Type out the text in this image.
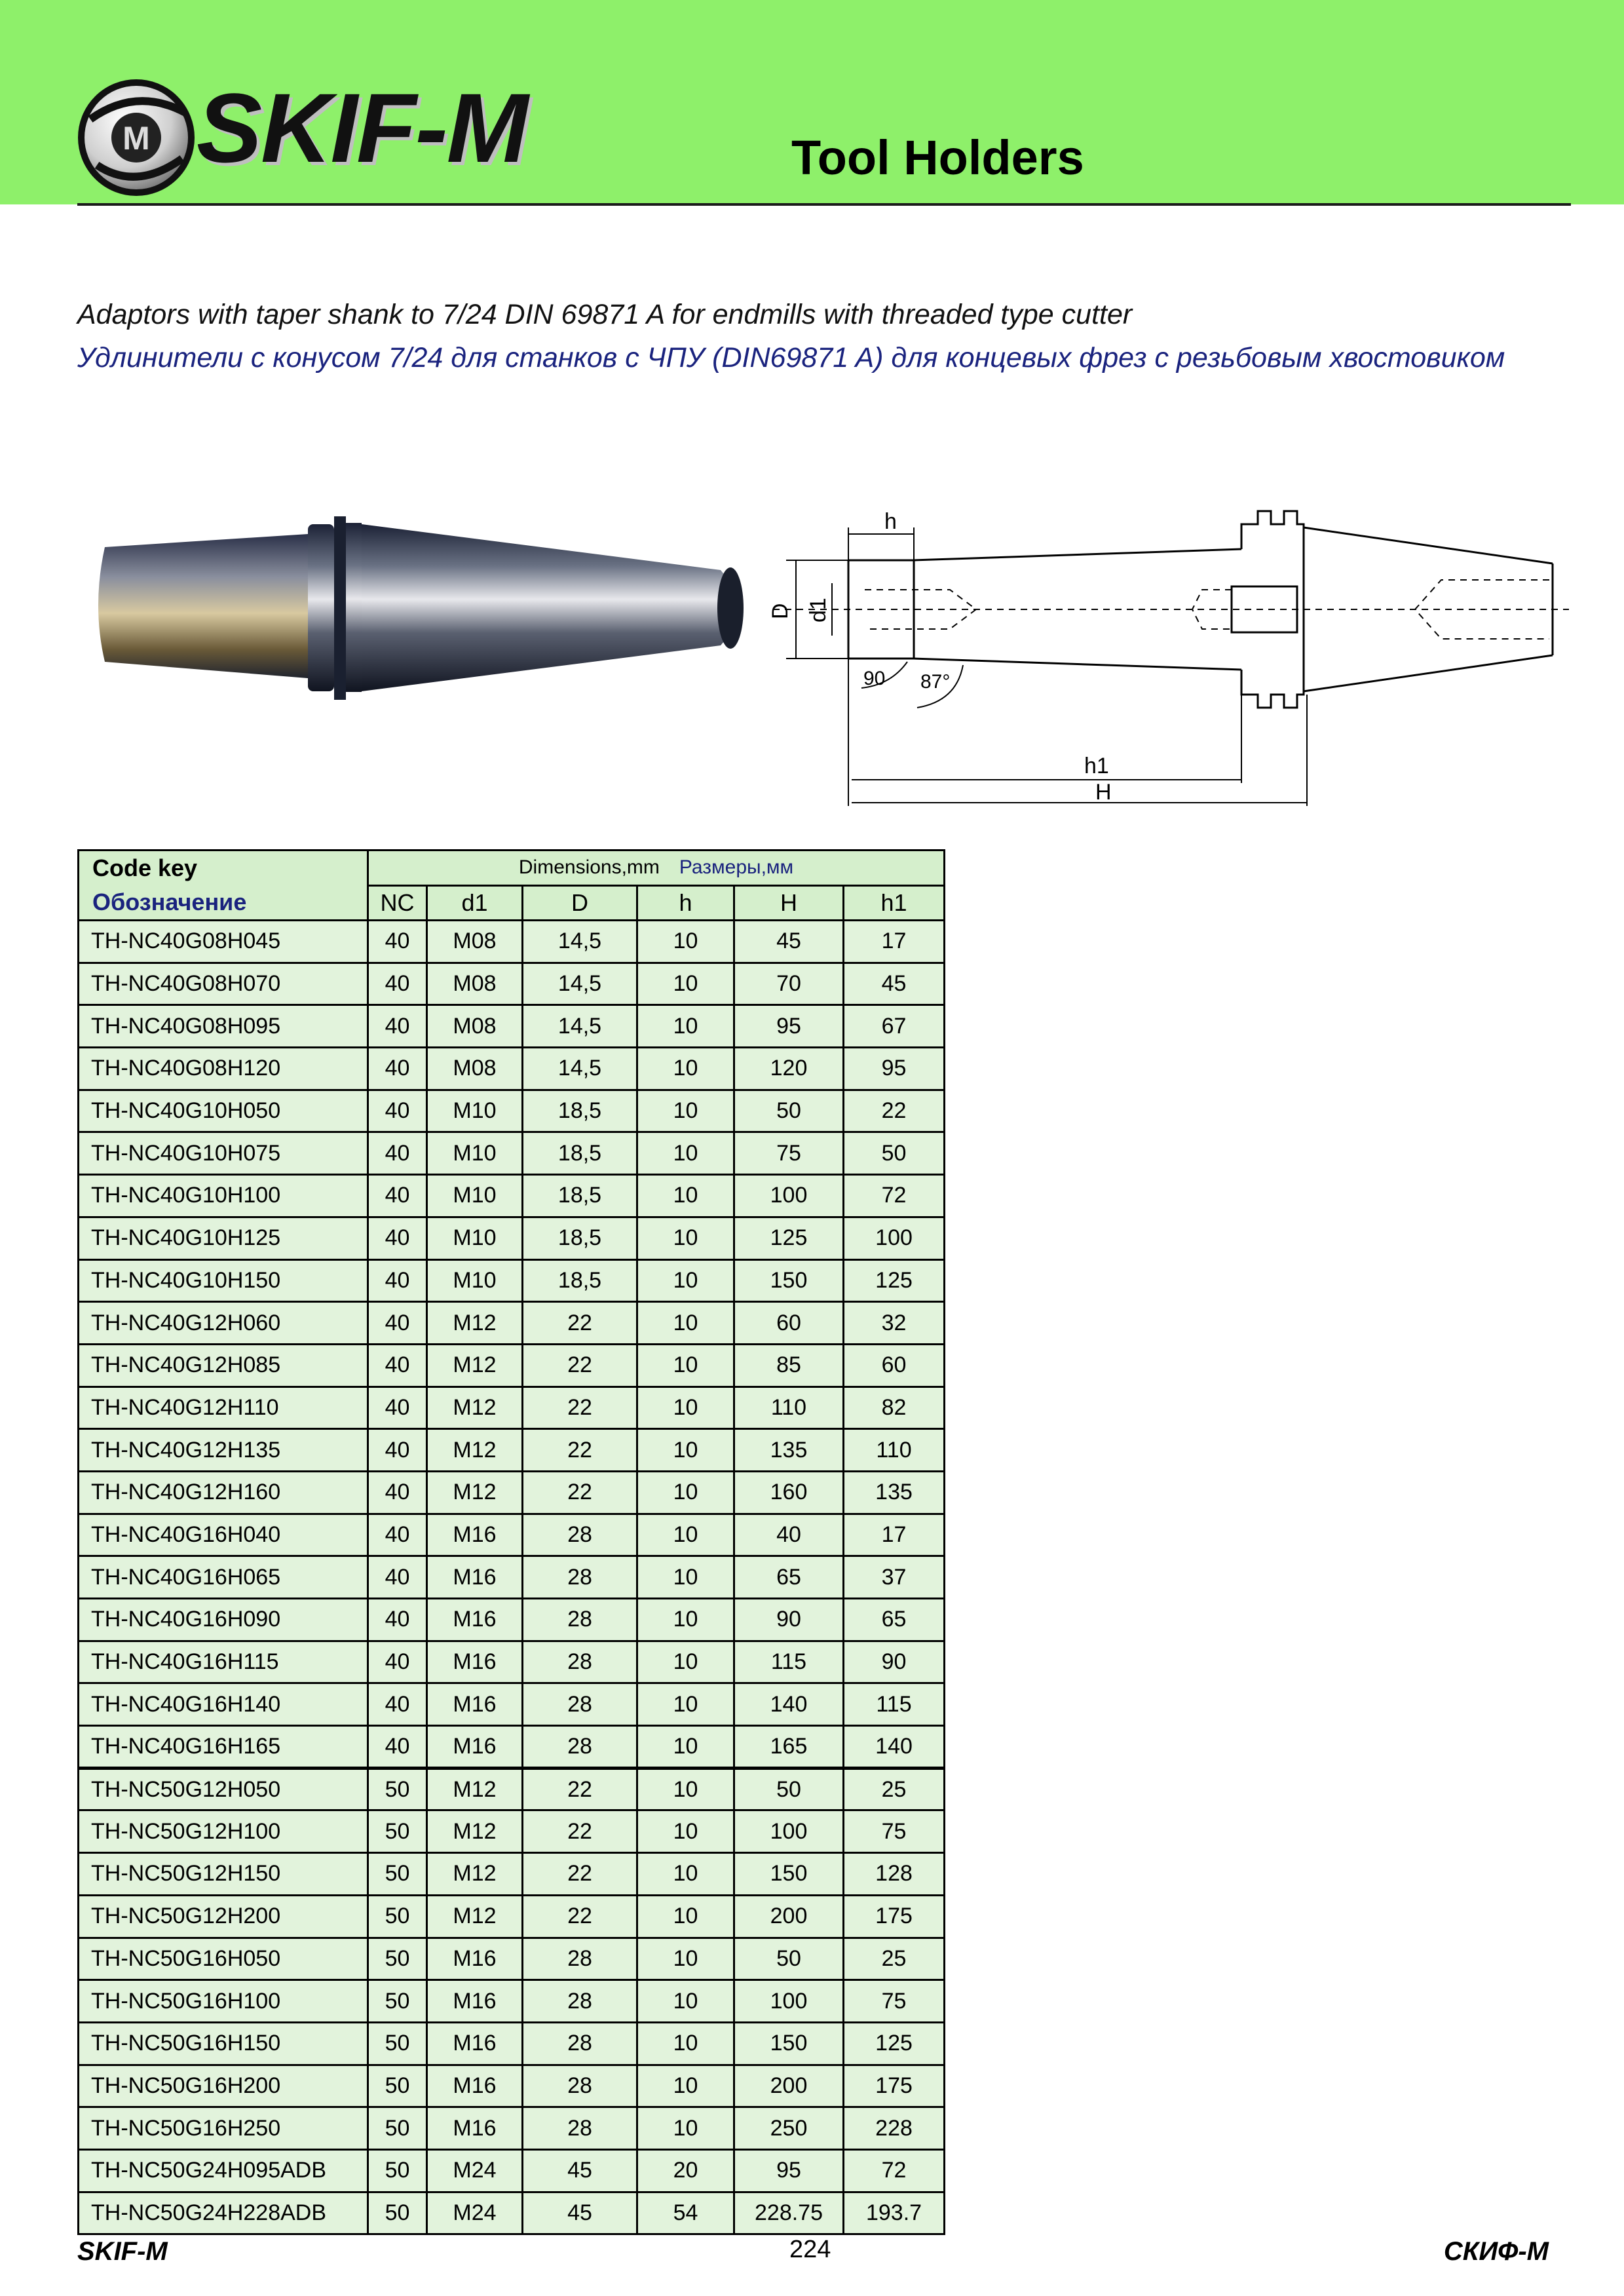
M SKIF-M	Tool Holders
Adaptors with taper shank to 7/24 DIN 69871 A for endmills with threaded type cutter
Удлинители с конусом 7/24 для станков с ЧПУ (DIN69871 A) для концевых фрез с резьбовым хвостовиком
h
D d1
90 87°
h1
H
Code key
Обозначение	Dimensions,mm Размеры,мм					
	NC	d1	D	h	H	h1
TH-NC40G08H045	40	M08	14,5	10	45	17
TH-NC40G08H070	40	M08	14,5	10	70	45
TH-NC40G08H095	40	M08	14,5	10	95	67
TH-NC40G08H120	40	M08	14,5	10	120	95
TH-NC40G10H050	40	M10	18,5	10	50	22
TH-NC40G10H075	40	M10	18,5	10	75	50
TH-NC40G10H100	40	M10	18,5	10	100	72
TH-NC40G10H125	40	M10	18,5	10	125	100
TH-NC40G10H150	40	M10	18,5	10	150	125
TH-NC40G12H060	40	M12	22	10	60	32
TH-NC40G12H085	40	M12	22	10	85	60
TH-NC40G12H110	40	M12	22	10	110	82
TH-NC40G12H135	40	M12	22	10	135	110
TH-NC40G12H160	40	M12	22	10	160	135
TH-NC40G16H040	40	M16	28	10	40	17
TH-NC40G16H065	40	M16	28	10	65	37
TH-NC40G16H090	40	M16	28	10	90	65
TH-NC40G16H115	40	M16	28	10	115	90
TH-NC40G16H140	40	M16	28	10	140	115
TH-NC40G16H165	40	M16	28	10	165	140
TH-NC50G12H050	50	M12	22	10	50	25
TH-NC50G12H100	50	M12	22	10	100	75
TH-NC50G12H150	50	M12	22	10	150	128
TH-NC50G12H200	50	M12	22	10	200	175
TH-NC50G16H050	50	M16	28	10	50	25
TH-NC50G16H100	50	M16	28	10	100	75
TH-NC50G16H150	50	M16	28	10	150	125
TH-NC50G16H200	50	M16	28	10	200	175
TH-NC50G16H250	50	M16	28	10	250	228
TH-NC50G24H095ADB	50	M24	45	20	95	72
TH-NC50G24H228ADB	50	M24	45	54	228.75	193.7
SKIF-M	224	СКИФ-М
